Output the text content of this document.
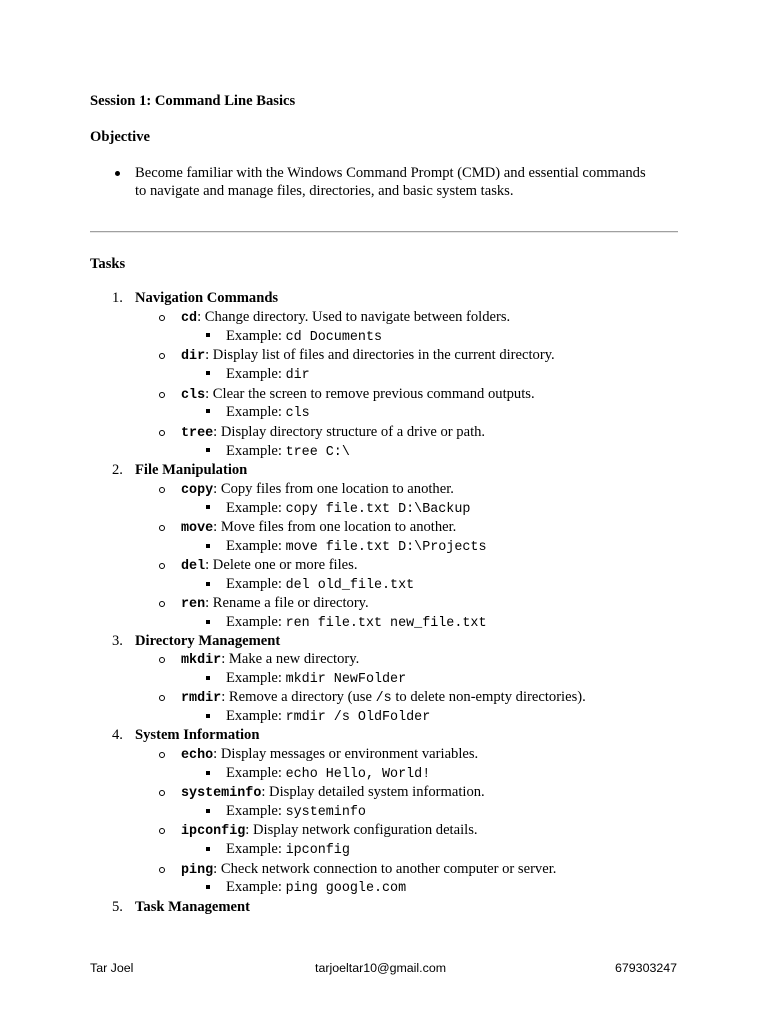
Session 1: Command Line Basics
Objective
Become familiar with the Windows Command Prompt (CMD) and essential commands
to navigate and manage files, directories, and basic system tasks.
Tasks
1. Navigation Commands
2. File Manipulation
3. Directory Management
4. System Information
5. Task Management
cd: Change directory. Used to navigate between folders.
Example: cd Documents
dir: Display list of files and directories in the current directory.
Example: dir
cls: Clear the screen to remove previous command outputs.
Example: cls
tree: Display directory structure of a drive or path.
Example: tree C:\
copy: Copy files from one location to another.
Example: copy file.txt D:\Backup
move: Move files from one location to another.
Example: move file.txt D:\Projects
del: Delete one or more files.
Example: del old_file.txt
ren: Rename a file or directory.
Example: ren file.txt new_file.txt
mkdir: Make a new directory.
Example: mkdir NewFolder
rmdir: Remove a directory (use /s to delete non-empty directories).
Example: rmdir /s OldFolder
echo: Display messages or environment variables.
Example: echo Hello, World!
systeminfo: Display detailed system information.
Example: systeminfo
ipconfig: Display network configuration details.
Example: ipconfig
ping: Check network connection to another computer or server.
Example: ping google.com
Tar Joel	tarjoeltar10@gmail.com	679303247
